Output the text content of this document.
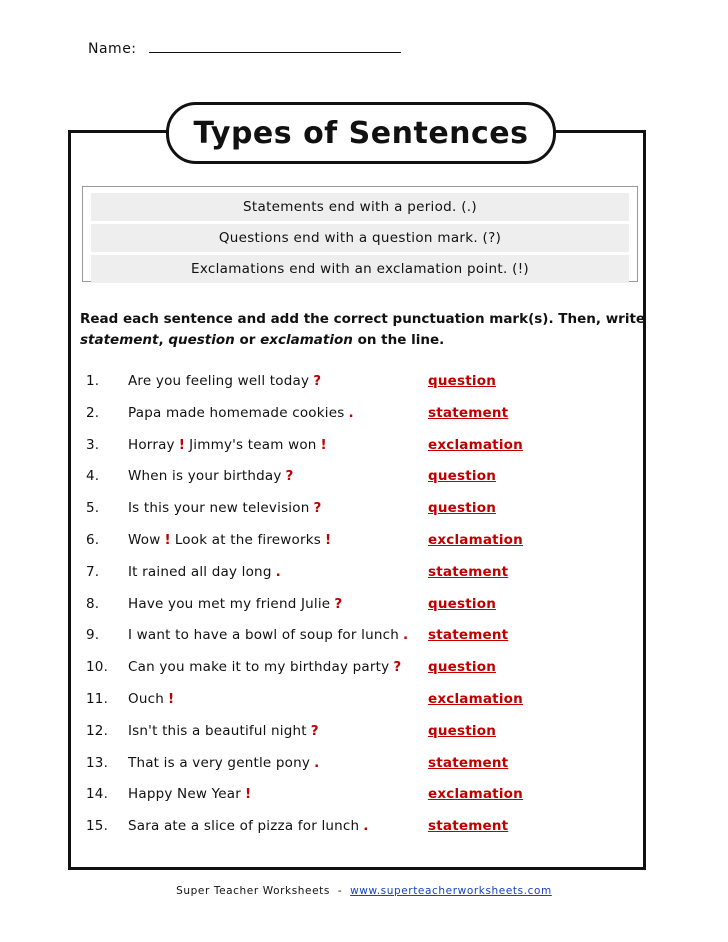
Name:
Types of Sentences
Statements end with a period. (.)
Questions end with a question mark. (?)
Exclamations end with an exclamation point. (!)
Read each sentence and add the correct punctuation mark(s). Then, write
statement, question or exclamation on the line.
1. Are you feeling well today ?	question
2. Papa made homemade cookies .	statement
3. Horray ! Jimmy's team won !	exclamation
4. When is your birthday ?	question
5. Is this your new television ?	question
6. Wow ! Look at the fireworks !	exclamation
7. It rained all day long .	statement
8. Have you met my friend Julie ?	question
9. I want to have a bowl of soup for lunch . statement
10. Can you make it to my birthday party ? question
11. Ouch !	exclamation
12. Isn't this a beautiful night ?	question
13. That is a very gentle pony .	statement
14. Happy New Year !	exclamation
15. Sara ate a slice of pizza for lunch .	statement
Super Teacher Worksheets - www.superteacherworksheets.com
